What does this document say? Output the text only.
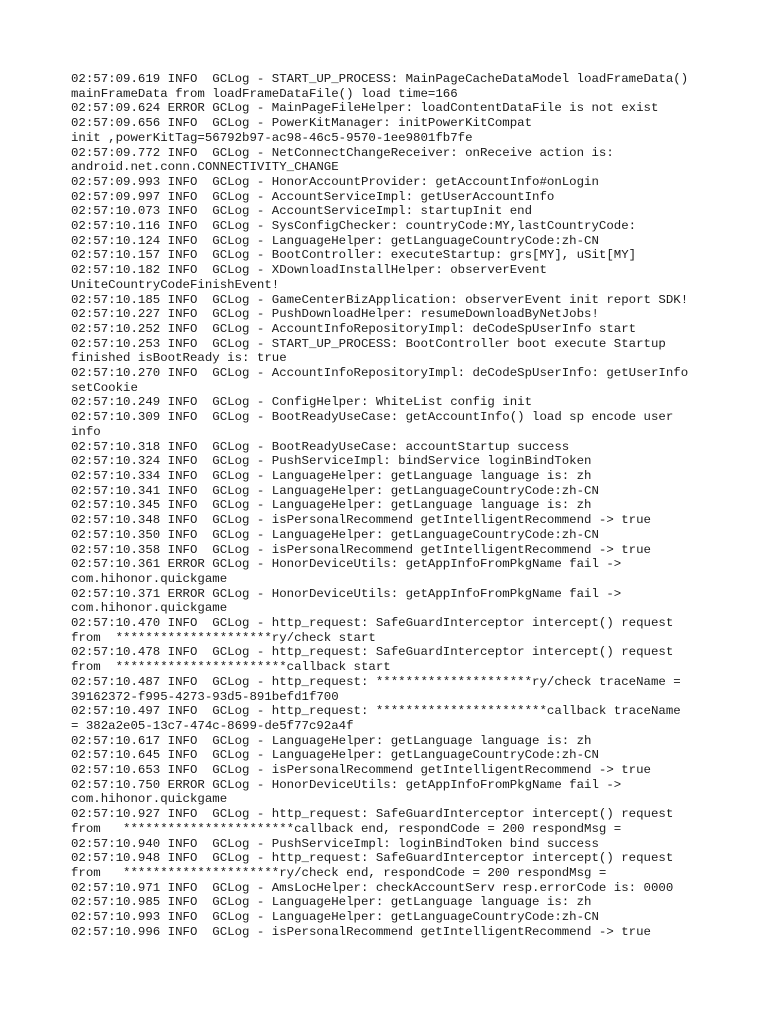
02:57:09.619 INFO  GCLog - START_UP_PROCESS: MainPageCacheDataModel loadFrameData()
mainFrameData from loadFrameDataFile() load time=166
02:57:09.624 ERROR GCLog - MainPageFileHelper: loadContentDataFile is not exist
02:57:09.656 INFO  GCLog - PowerKitManager: initPowerKitCompat
init ,powerKitTag=56792b97-ac98-46c5-9570-1ee9801fb7fe
02:57:09.772 INFO  GCLog - NetConnectChangeReceiver: onReceive action is:
android.net.conn.CONNECTIVITY_CHANGE
02:57:09.993 INFO  GCLog - HonorAccountProvider: getAccountInfo#onLogin
02:57:09.997 INFO  GCLog - AccountServiceImpl: getUserAccountInfo
02:57:10.073 INFO  GCLog - AccountServiceImpl: startupInit end
02:57:10.116 INFO  GCLog - SysConfigChecker: countryCode:MY,lastCountryCode:
02:57:10.124 INFO  GCLog - LanguageHelper: getLanguageCountryCode:zh-CN
02:57:10.157 INFO  GCLog - BootController: executeStartup: grs[MY], uSit[MY]
02:57:10.182 INFO  GCLog - XDownloadInstallHelper: observerEvent
UniteCountryCodeFinishEvent!
02:57:10.185 INFO  GCLog - GameCenterBizApplication: observerEvent init report SDK!
02:57:10.227 INFO  GCLog - PushDownloadHelper: resumeDownloadByNetJobs!
02:57:10.252 INFO  GCLog - AccountInfoRepositoryImpl: deCodeSpUserInfo start
02:57:10.253 INFO  GCLog - START_UP_PROCESS: BootController boot execute Startup
finished isBootReady is: true
02:57:10.270 INFO  GCLog - AccountInfoRepositoryImpl: deCodeSpUserInfo: getUserInfo
setCookie
02:57:10.249 INFO  GCLog - ConfigHelper: WhiteList config init
02:57:10.309 INFO  GCLog - BootReadyUseCase: getAccountInfo() load sp encode user
info
02:57:10.318 INFO  GCLog - BootReadyUseCase: accountStartup success
02:57:10.324 INFO  GCLog - PushServiceImpl: bindService loginBindToken
02:57:10.334 INFO  GCLog - LanguageHelper: getLanguage language is: zh
02:57:10.341 INFO  GCLog - LanguageHelper: getLanguageCountryCode:zh-CN
02:57:10.345 INFO  GCLog - LanguageHelper: getLanguage language is: zh
02:57:10.348 INFO  GCLog - isPersonalRecommend getIntelligentRecommend -> true
02:57:10.350 INFO  GCLog - LanguageHelper: getLanguageCountryCode:zh-CN
02:57:10.358 INFO  GCLog - isPersonalRecommend getIntelligentRecommend -> true
02:57:10.361 ERROR GCLog - HonorDeviceUtils: getAppInfoFromPkgName fail ->
com.hihonor.quickgame
02:57:10.371 ERROR GCLog - HonorDeviceUtils: getAppInfoFromPkgName fail ->
com.hihonor.quickgame
02:57:10.470 INFO  GCLog - http_request: SafeGuardInterceptor intercept() request
from  *********************ry/check start
02:57:10.478 INFO  GCLog - http_request: SafeGuardInterceptor intercept() request
from  ***********************callback start
02:57:10.487 INFO  GCLog - http_request: *********************ry/check traceName =
39162372-f995-4273-93d5-891befd1f700
02:57:10.497 INFO  GCLog - http_request: ***********************callback traceName
= 382a2e05-13c7-474c-8699-de5f77c92a4f
02:57:10.617 INFO  GCLog - LanguageHelper: getLanguage language is: zh
02:57:10.645 INFO  GCLog - LanguageHelper: getLanguageCountryCode:zh-CN
02:57:10.653 INFO  GCLog - isPersonalRecommend getIntelligentRecommend -> true
02:57:10.750 ERROR GCLog - HonorDeviceUtils: getAppInfoFromPkgName fail ->
com.hihonor.quickgame
02:57:10.927 INFO  GCLog - http_request: SafeGuardInterceptor intercept() request
from   ***********************callback end, respondCode = 200 respondMsg =
02:57:10.940 INFO  GCLog - PushServiceImpl: loginBindToken bind success
02:57:10.948 INFO  GCLog - http_request: SafeGuardInterceptor intercept() request
from   *********************ry/check end, respondCode = 200 respondMsg =
02:57:10.971 INFO  GCLog - AmsLocHelper: checkAccountServ resp.errorCode is: 0000
02:57:10.985 INFO  GCLog - LanguageHelper: getLanguage language is: zh
02:57:10.993 INFO  GCLog - LanguageHelper: getLanguageCountryCode:zh-CN
02:57:10.996 INFO  GCLog - isPersonalRecommend getIntelligentRecommend -> true
